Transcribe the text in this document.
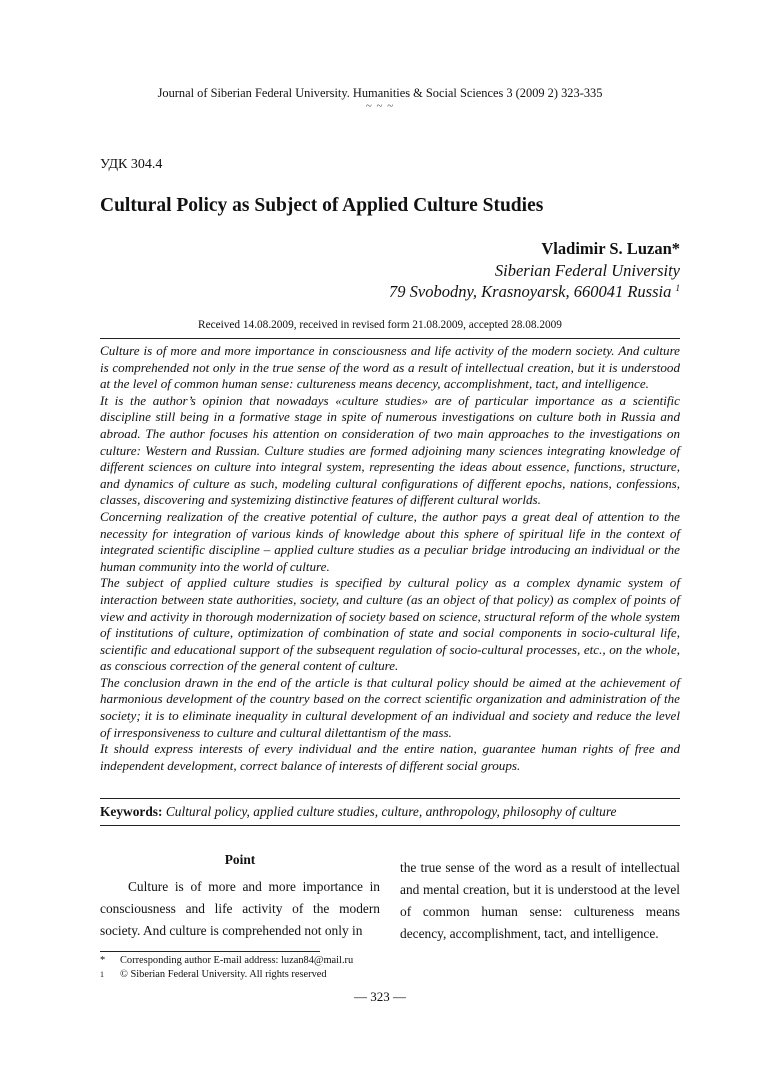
Journal of Siberian Federal University. Humanities & Social Sciences 3 (2009 2) 323-335
~ ~ ~
УДК 304.4
Cultural Policy as Subject of Applied Culture Studies
Vladimir S. Luzan*
Siberian Federal University
79 Svobodny, Krasnoyarsk, 660041 Russia $^1$
Received 14.08.2009, received in revised form 21.08.2009, accepted 28.08.2009

Culture is of more and more importance in consciousness and life activity of the modern society. And culture is comprehended not only in the true sense of the word as a result of intellectual creation, but it is understood at the level of common human sense: cultureness means decency, accomplishment, tact, and intelligence.

It is the author’s opinion that nowadays «culture studies» are of particular importance as a scientific discipline still being in a formative stage in spite of numerous investigations on culture both in Russia and abroad. The author focuses his attention on consideration of two main approaches to the investigations on culture: Western and Russian. Culture studies are formed adjoining many sciences integrating knowledge of different sciences on culture into integral system, representing the ideas about essence, functions, structure, and dynamics of culture as such, modeling cultural configurations of different epochs, nations, confessions, classes, discovering and systemizing distinctive features of different cultural worlds.

Concerning realization of the creative potential of culture, the author pays a great deal of attention to the necessity for integration of various kinds of knowledge about this sphere of spiritual life in the context of integrated scientific discipline – applied culture studies as a peculiar bridge introducing an individual or the human community into the world of culture.

The subject of applied culture studies is specified by cultural policy as a complex dynamic system of interaction between state authorities, society, and culture (as an object of that policy) as complex of points of view and activity in thorough modernization of society based on science, structural reform of the whole system of institutions of culture, optimization of combination of state and social components in socio-cultural life, scientific and educational support of the subsequent regulation of socio-cultural processes, etc., on the whole, as conscious correction of the general content of culture.

The conclusion drawn in the end of the article is that cultural policy should be aimed at the achievement of harmonious development of the country based on the correct scientific organization and administration of the society; it is to eliminate inequality in cultural development of an individual and society and reduce the level of irresponsiveness to culture and cultural dilettantism of the mass.

It should express interests of every individual and the entire nation, guarantee human rights of free and independent development, correct balance of interests of different social groups.

Keywords: Cultural policy, applied culture studies, culture, anthropology, philosophy of culture
Point

Culture is of more and more importance in consciousness and life activity of the modern society. And culture is comprehended not only in

the true sense of the word as a result of intellectual and mental creation, but it is understood at the level of common human sense: cultureness means decency, accomplishment, tact, and intelligence.

*	Corresponding author E-mail address: luzan84@mail.ru
1	© Siberian Federal University. All rights reserved
— 323 —
